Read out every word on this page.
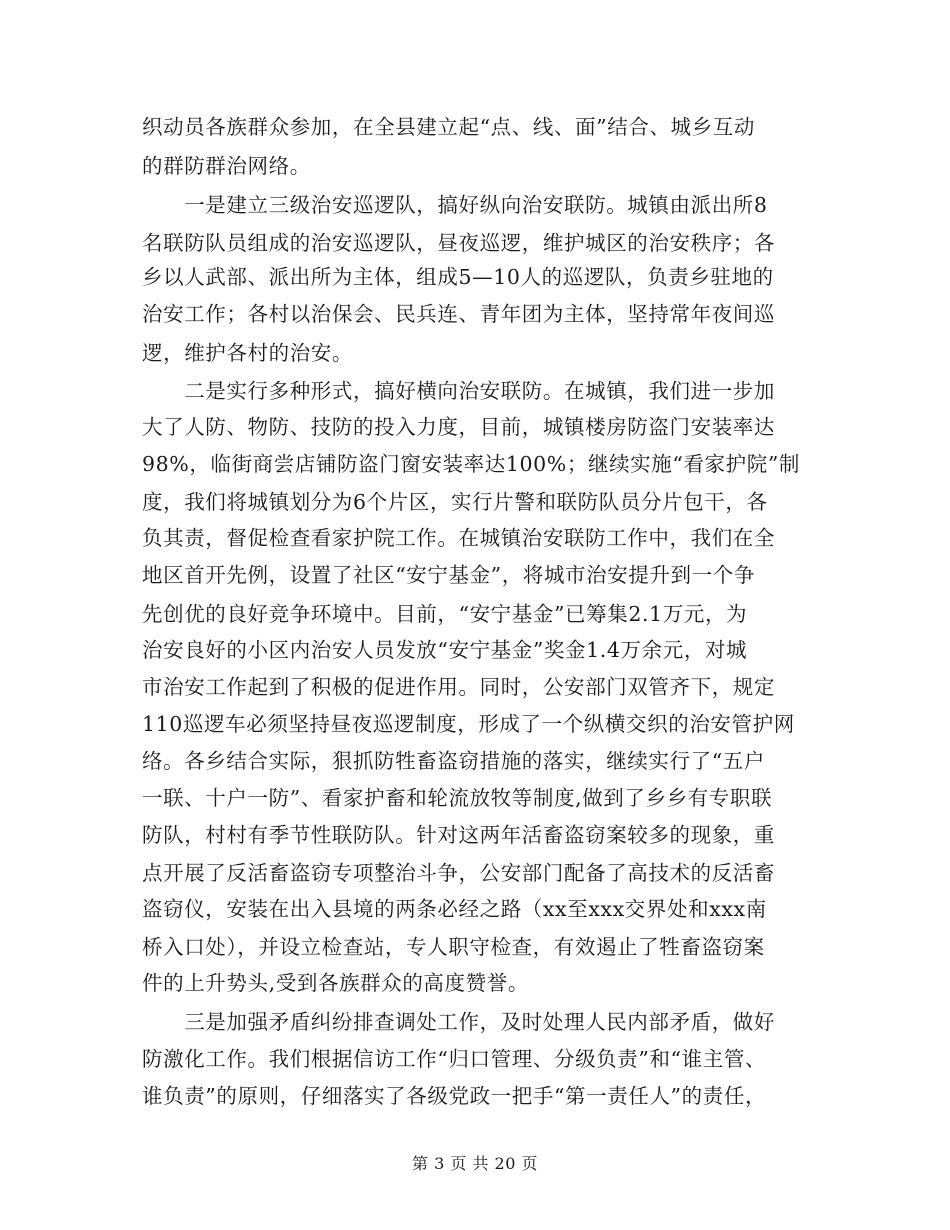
织动员各族群众参加，在全县建立起“点、线、面”结合、城乡互动
的群防群治网络。
　　一是建立三级治安巡逻队，搞好纵向治安联防。城镇由派出所8
名联防队员组成的治安巡逻队，昼夜巡逻，维护城区的治安秩序；各
乡以人武部、派出所为主体，组成5—10人的巡逻队，负责乡驻地的
治安工作；各村以治保会、民兵连、青年团为主体，坚持常年夜间巡
逻，维护各村的治安。
　　二是实行多种形式，搞好横向治安联防。在城镇，我们进一步加
大了人防、物防、技防的投入力度，目前，城镇楼房防盗门安装率达
98%，临街商尝店铺防盗门窗安装率达100%；继续实施“看家护院”制
度，我们将城镇划分为6个片区，实行片警和联防队员分片包干，各
负其责，督促检查看家护院工作。在城镇治安联防工作中，我们在全
地区首开先例，设置了社区“安宁基金”，将城市治安提升到一个争
先创优的良好竞争环境中。目前，“安宁基金”已筹集2.1万元，为
治安良好的小区内治安人员发放“安宁基金”奖金1.4万余元，对城
市治安工作起到了积极的促进作用。同时，公安部门双管齐下，规定
110巡逻车必须坚持昼夜巡逻制度，形成了一个纵横交织的治安管护网
络。各乡结合实际，狠抓防牲畜盗窃措施的落实，继续实行了“五户
一联、十户一防”、看家护畜和轮流放牧等制度,做到了乡乡有专职联
防队，村村有季节性联防队。针对这两年活畜盗窃案较多的现象，重
点开展了反活畜盗窃专项整治斗争，公安部门配备了高技术的反活畜
盗窃仪，安装在出入县境的两条必经之路（xx至xxx交界处和xxx南
桥入口处），并设立检查站，专人职守检查，有效遏止了牲畜盗窃案
件的上升势头,受到各族群众的高度赞誉。
　　三是加强矛盾纠纷排查调处工作，及时处理人民内部矛盾，做好
防激化工作。我们根据信访工作“归口管理、分级负责”和“谁主管、
谁负责”的原则，仔细落实了各级党政一把手“第一责任人”的责任，
第 3 页 共 20 页
